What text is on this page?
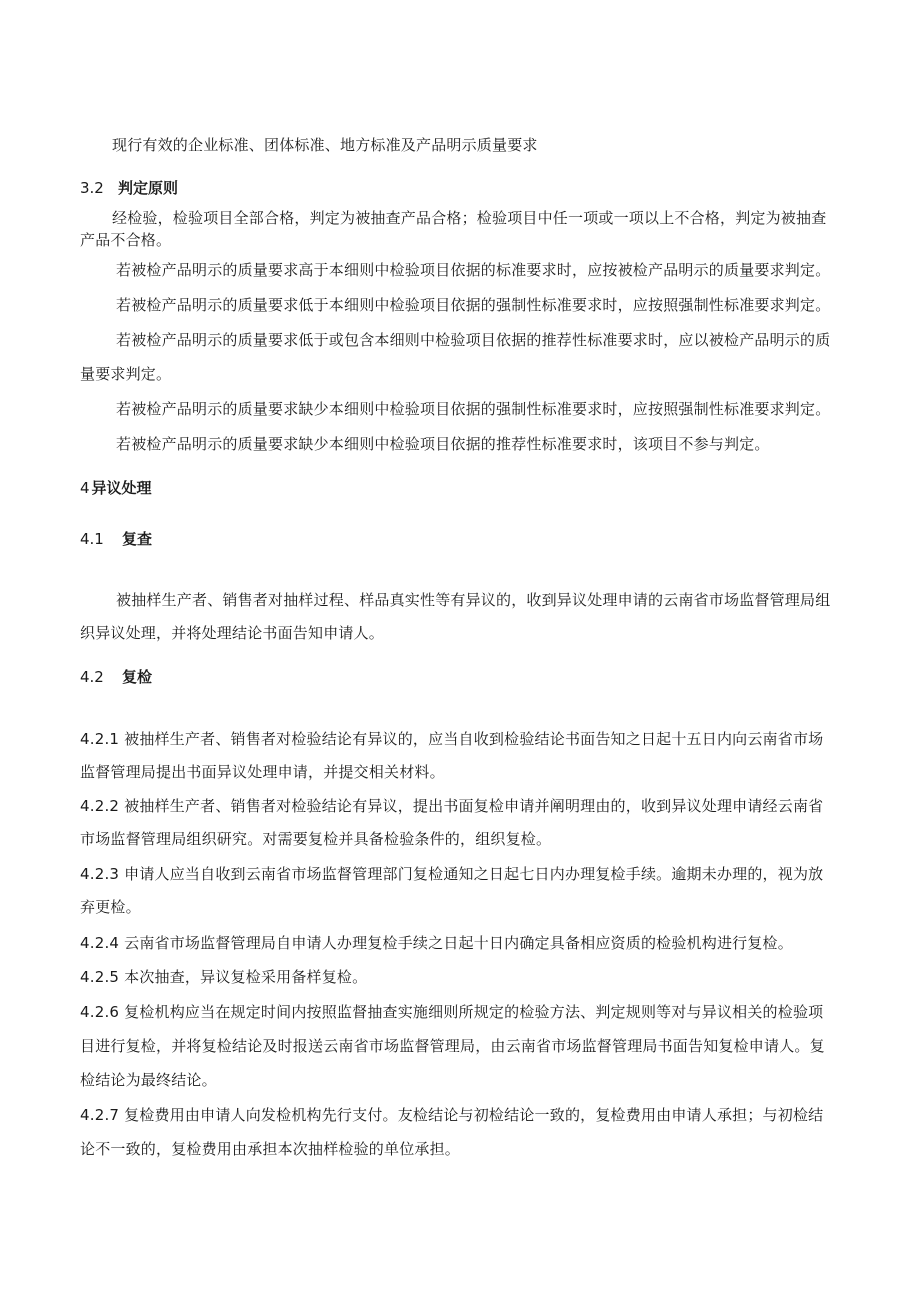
现行有效的企业标准、团体标准、地方标准及产品明示质量要求
3.2 判定原则
经检验，检验项目全部合格，判定为被抽查产品合格；检验项目中任一项或一项以上不合格，判定为被抽查
产品不合格。
若被检产品明示的质量要求高于本细则中检验项目依据的标准要求时，应按被检产品明示的质量要求判定。
若被检产品明示的质量要求低于本细则中检验项目依据的强制性标准要求时，应按照强制性标准要求判定。
若被检产品明示的质量要求低于或包含本细则中检验项目依据的推荐性标准要求时，应以被检产品明示的质
量要求判定。
若被检产品明示的质量要求缺少本细则中检验项目依据的强制性标准要求时，应按照强制性标准要求判定。
若被检产品明示的质量要求缺少本细则中检验项目依据的推荐性标准要求时，该项目不参与判定。
4 异议处理
4.1 复查
被抽样生产者、销售者对抽样过程、样品真实性等有异议的，收到异议处理申请的云南省市场监督管理局组
织异议处理，并将处理结论书面告知申请人。
4.2 复检
4.2.1 被抽样生产者、销售者对检验结论有异议的，应当自收到检验结论书面告知之日起十五日内向云南省市场
监督管理局提出书面异议处理申请，并提交相关材料。
4.2.2 被抽样生产者、销售者对检验结论有异议，提出书面复检申请并阐明理由的，收到异议处理申请经云南省
市场监督管理局组织研究。对需要复检并具备检验条件的，组织复检。
4.2.3 申请人应当自收到云南省市场监督管理部门复检通知之日起七日内办理复检手续。逾期未办理的，视为放
弃更检。
4.2.4 云南省市场监督管理局自申请人办理复检手续之日起十日内确定具备相应资质的检验机构进行复检。
4.2.5 本次抽查，异议复检采用备样复检。
4.2.6 复检机构应当在规定时间内按照监督抽查实施细则所规定的检验方法、判定规则等对与异议相关的检验项
目进行复检，并将复检结论及时报送云南省市场监督管理局，由云南省市场监督管理局书面告知复检申请人。复
检结论为最终结论。
4.2.7 复检费用由申请人向发检机构先行支付。友检结论与初检结论一致的，复检费用由申请人承担；与初检结
论不一致的，复检费用由承担本次抽样检验的单位承担。
